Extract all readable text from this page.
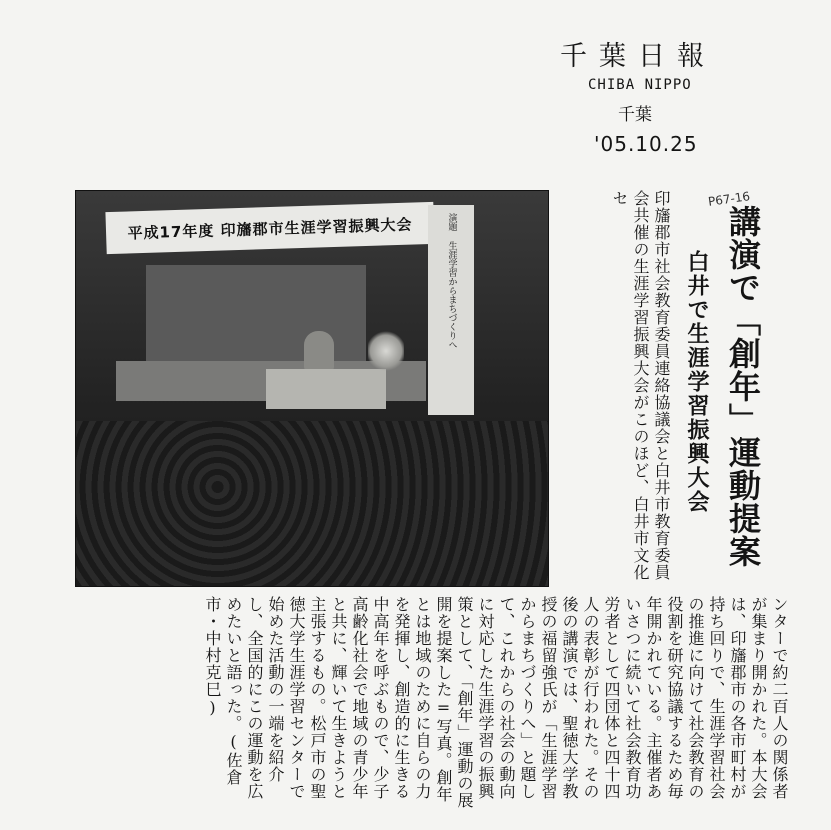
千葉日報
CHIBA NIPPO
千葉
'05.10.25
P67-16
講演で「創年」運動提案
白井で生涯学習振興大会
印旛郡市社会教育委員連絡協議会と白井市教育委員会共催の生涯学習振興大会がこのほど、白井市文化セ
平成17年度 印旛郡市生涯学習振興大会	演題 生涯学習からまちづくりへ
ンターで約二百人の関係者が集まり開かれた。本大会は、印旛郡市の各市町村が持ち回りで、生涯学習社会の推進に向けて社会教育の役割を研究協議するため毎年開かれている。主催者あいさつに続いて社会教育功労者として四団体と四十四人の表彰が行われた。その後の講演では、聖徳大学教授の福留強氏が「生涯学習からまちづくりへ」と題して、これからの社会の動向に対応した生涯学習の振興策として、「創年」運動の展開を提案した=写真。創年とは地域のために自らの力を発揮し、創造的に生きる中高年を呼ぶもので、少子高齢化社会で地域の青少年と共に、輝いて生きようと主張するもの。松戸市の聖徳大学生涯学習センターで始めた活動の一端を紹介し、全国的にこの運動を広めたいと語った。(佐倉市・中村克巳)
